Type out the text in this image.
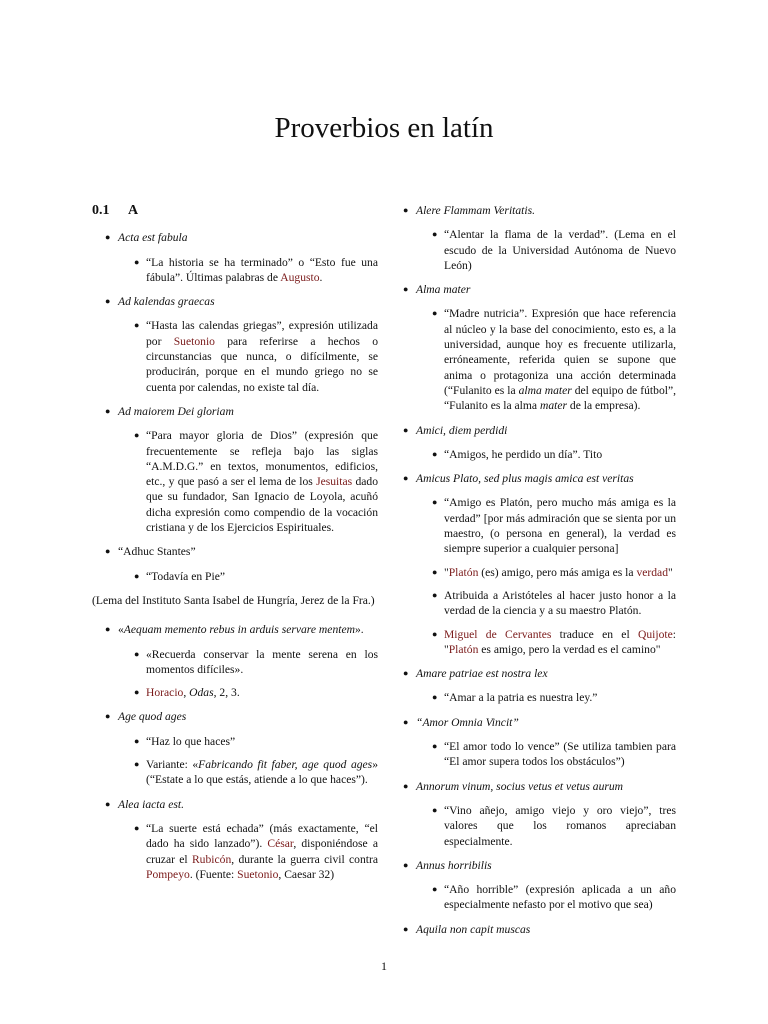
Proverbios en latín
0.1 A
● Acta est fabula
● “La historia se ha terminado” o “Esto fue una fábula”. Últimas palabras de Augusto.
● Ad kalendas graecas
● “Hasta las calendas griegas”, expresión utilizada por Suetonio para referirse a hechos o circunstancias que nunca, o difícilmente, se producirán, porque en el mundo griego no se cuenta por calendas, no existe tal día.
● Ad maiorem Dei gloriam
● “Para mayor gloria de Dios” (expresión que frecuentemente se refleja bajo las siglas “A.M.D.G.” en textos, monumentos, edificios, etc., y que pasó a ser el lema de los Jesuitas dado que su fundador, San Ignacio de Loyola, acuñó dicha expresión como compendio de la vocación cristiana y de los Ejercicios Espirituales.
● “Adhuc Stantes”
● “Todavía en Pie”

(Lema del Instituto Santa Isabel de Hungría, Jerez de la Fra.)

● «Aequam memento rebus in arduis servare mentem».
● «Recuerda conservar la mente serena en los momentos difíciles».
● Horacio, Odas, 2, 3.
● Age quod ages
● “Haz lo que haces”
● Variante: «Fabricando fit faber, age quod ages» (“Estate a lo que estás, atiende a lo que haces”).
● Alea iacta est.
● “La suerte está echada” (más exactamente, “el dado ha sido lanzado”). César, disponiéndose a cruzar el Rubicón, durante la guerra civil contra Pompeyo. (Fuente: Suetonio, Caesar 32)
● Alere Flammam Veritatis.
● “Alentar la flama de la verdad”. (Lema en el escudo de la Universidad Autónoma de Nuevo León)
● Alma mater
● “Madre nutricia”. Expresión que hace referencia al núcleo y la base del conocimiento, esto es, a la universidad, aunque hoy es frecuente utilizarla, erróneamente, referida quien se supone que anima o protagoniza una acción determinada (“Fulanito es la alma mater del equipo de fútbol”, “Fulanito es la alma mater de la empresa).
● Amici, diem perdidi
● “Amigos, he perdido un día”. Tito
● Amicus Plato, sed plus magis amica est veritas
● “Amigo es Platón, pero mucho más amiga es la verdad” [por más admiración que se sienta por un maestro, (o persona en general), la verdad es siempre superior a cualquier persona]
● "Platón (es) amigo, pero más amiga es la verdad"
● Atribuida a Aristóteles al hacer justo honor a la verdad de la ciencia y a su maestro Platón.
● Miguel de Cervantes traduce en el Quijote: "Platón es amigo, pero la verdad es el camino"
● Amare patriae est nostra lex
● “Amar a la patria es nuestra ley.”
● “Amor Omnia Vincit”
● “El amor todo lo vence” (Se utiliza tambien para “El amor supera todos los obstáculos”)
● Annorum vinum, socius vetus et vetus aurum
● “Vino añejo, amigo viejo y oro viejo”, tres valores que los romanos apreciaban especialmente.
● Annus horribilis
● “Año horrible” (expresión aplicada a un año especialmente nefasto por el motivo que sea)
● Aquila non capit muscas
1
